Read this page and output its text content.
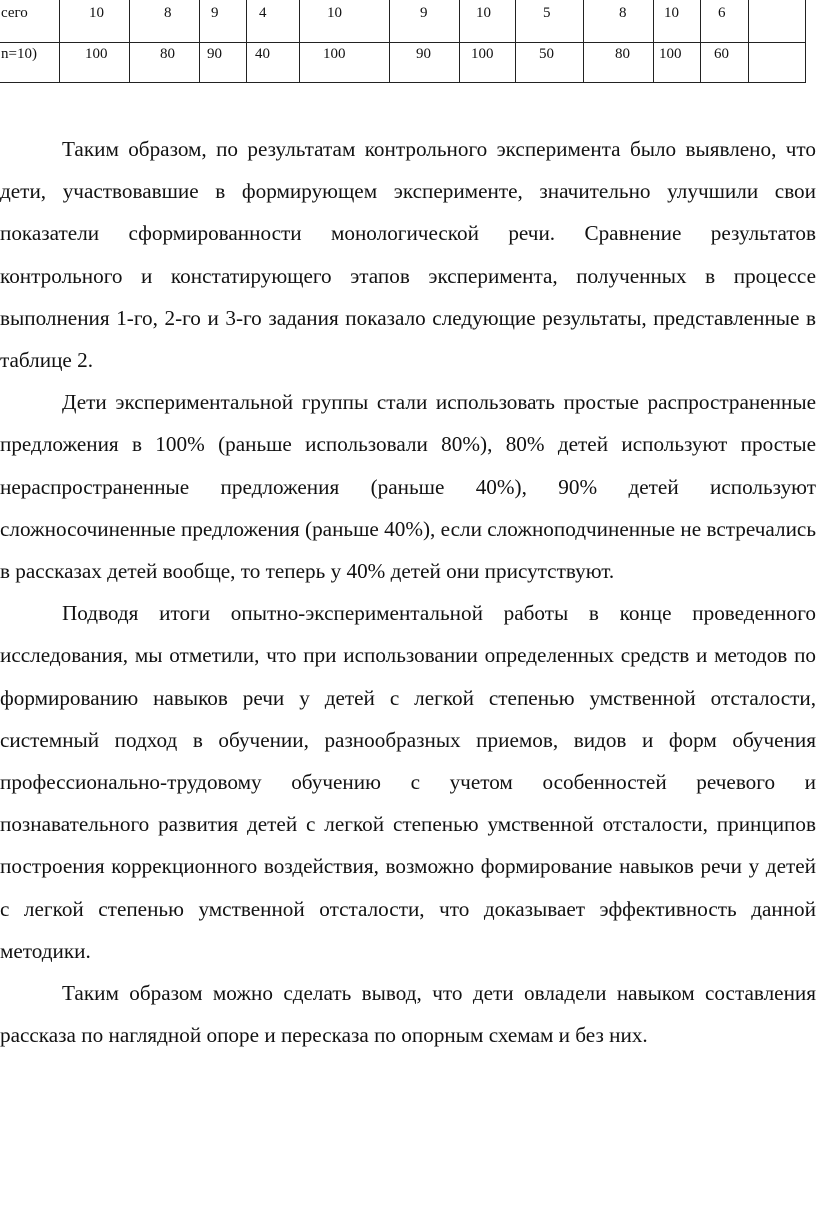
сего	10	8	9	4	10	9	10	5	8	10	6	
n=10)	100	80	90	40	100	90	100	50	80	100	60	

Таким образом, по результатам контрольного эксперимента было выявлено, что дети, участвовавшие в формирующем эксперименте, значительно улучшили свои показатели сформированности монологической речи. Сравнение результатов контрольного и констатирующего этапов эксперимента, полученных в процессе выполнения 1-го, 2-го и 3-го задания показало следующие результаты, представленные в таблице 2.

Дети экспериментальной группы стали использовать простые распространенные предложения в 100% (раньше использовали 80%), 80% детей используют простые нераспространенные предложения (раньше 40%), 90% детей используют сложносочиненные предложения (раньше 40%), если сложноподчиненные не встречались в рассказах детей вообще, то теперь у 40% детей они присутствуют.

Подводя итоги опытно-экспериментальной работы в конце проведенного исследования, мы отметили, что при использовании определенных средств и методов по формированию навыков речи у детей с легкой степенью умственной отсталости, системный подход в обучении, разнообразных приемов, видов и форм обучения профессионально-трудовому обучению с учетом особенностей речевого и познавательного развития детей с легкой степенью умственной отсталости, принципов построения коррекционного воздействия, возможно формирование навыков речи у детей с легкой степенью умственной отсталости, что доказывает эффективность данной методики.

Таким образом можно сделать вывод, что дети овладели навыком составления рассказа по наглядной опоре и пересказа по опорным схемам и без них.
